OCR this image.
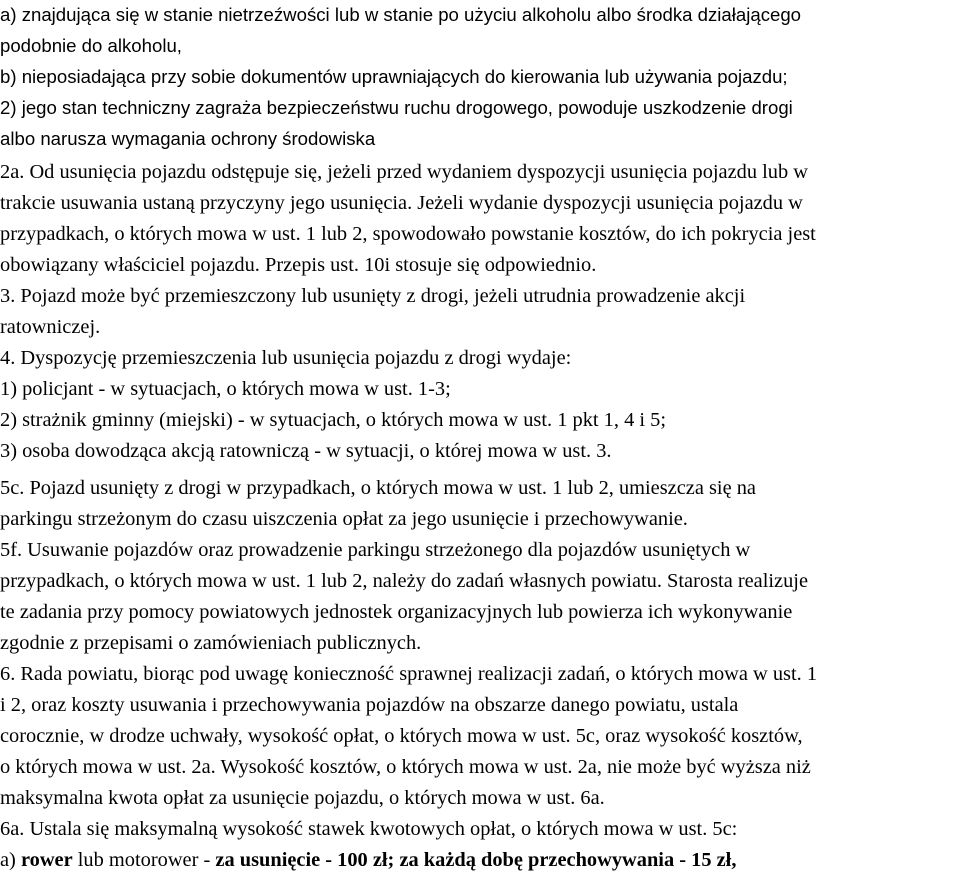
a) znajdująca się w stanie nietrzeźwości lub w stanie po użyciu alkoholu albo środka działającego
podobnie do alkoholu,
b) nieposiadająca przy sobie dokumentów uprawniających do kierowania lub używania pojazdu;
2) jego stan techniczny zagraża bezpieczeństwu ruchu drogowego, powoduje uszkodzenie drogi
albo narusza wymagania ochrony środowiska
2a. Od usunięcia pojazdu odstępuje się, jeżeli przed wydaniem dyspozycji usunięcia pojazdu lub w
trakcie usuwania ustaną przyczyny jego usunięcia. Jeżeli wydanie dyspozycji usunięcia pojazdu w
przypadkach, o których mowa w ust. 1 lub 2, spowodowało powstanie kosztów, do ich pokrycia jest
obowiązany właściciel pojazdu. Przepis ust. 10i stosuje się odpowiednio.
3. Pojazd może być przemieszczony lub usunięty z drogi, jeżeli utrudnia prowadzenie akcji
ratowniczej.
4. Dyspozycję przemieszczenia lub usunięcia pojazdu z drogi wydaje:
1) policjant - w sytuacjach, o których mowa w ust. 1-3;
2) strażnik gminny (miejski) - w sytuacjach, o których mowa w ust. 1 pkt 1, 4 i 5;
3) osoba dowodząca akcją ratowniczą - w sytuacji, o której mowa w ust. 3.
5c. Pojazd usunięty z drogi w przypadkach, o których mowa w ust. 1 lub 2, umieszcza się na
parkingu strzeżonym do czasu uiszczenia opłat za jego usunięcie i przechowywanie.
5f. Usuwanie pojazdów oraz prowadzenie parkingu strzeżonego dla pojazdów usuniętych w
przypadkach, o których mowa w ust. 1 lub 2, należy do zadań własnych powiatu. Starosta realizuje
te zadania przy pomocy powiatowych jednostek organizacyjnych lub powierza ich wykonywanie
zgodnie z przepisami o zamówieniach publicznych.
6. Rada powiatu, biorąc pod uwagę konieczność sprawnej realizacji zadań, o których mowa w ust. 1
i 2, oraz koszty usuwania i przechowywania pojazdów na obszarze danego powiatu, ustala
corocznie, w drodze uchwały, wysokość opłat, o których mowa w ust. 5c, oraz wysokość kosztów,
o których mowa w ust. 2a. Wysokość kosztów, o których mowa w ust. 2a, nie może być wyższa niż
maksymalna kwota opłat za usunięcie pojazdu, o których mowa w ust. 6a.
6a. Ustala się maksymalną wysokość stawek kwotowych opłat, o których mowa w ust. 5c:
a) rower lub motorower - za usunięcie - 100 zł; za każdą dobę przechowywania - 15 zł,
